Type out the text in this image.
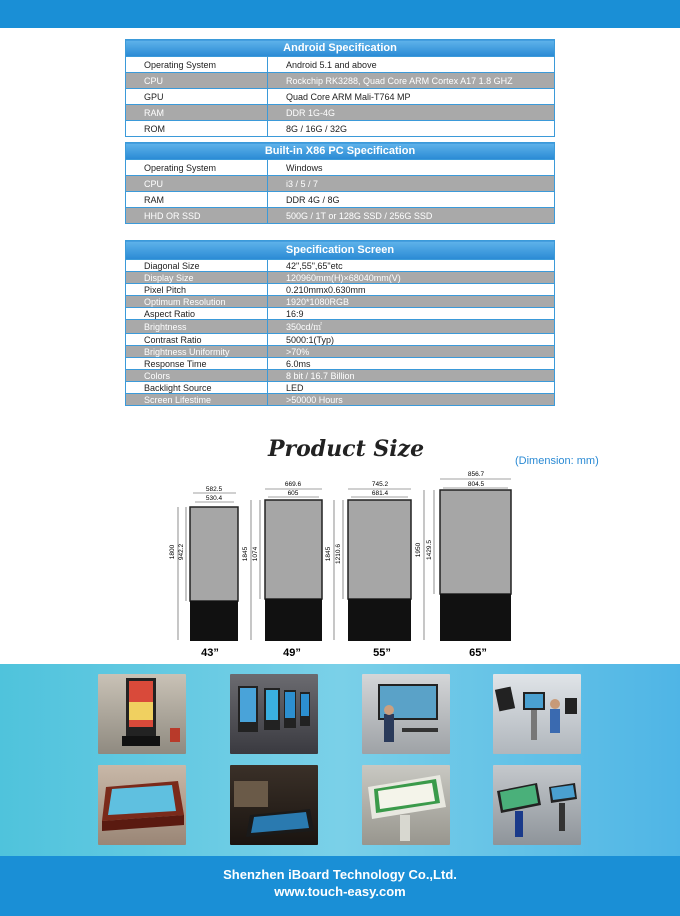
Android Specification	
Operating System	Android 5.1 and above
CPU	Rockchip RK3288, Quad Core ARM Cortex A17 1.8 GHZ
GPU	Quad Core ARM Mali-T764 MP
RAM	DDR 1G-4G
ROM	8G / 16G / 32G
Built-in X86 PC Specification	
Operating System	Windows
CPU	i3 / 5 / 7
RAM	DDR 4G / 8G
HHD OR SSD	500G / 1T or 128G SSD / 256G SSD
Specification Screen	
Diagonal Size	42",55",65"etc
Display Size	120960mm(H)×68040mm(V)
Pixel Pitch	0.210mmx0.630mm
Optimum Resolution	1920*1080RGB
Aspect Ratio	16:9
Brightness	350cd/㎡
Contrast Ratio	5000:1(Typ)
Brightness Uniformity	>70%
Response Time	6.0ms
Colors	8 bit / 16.7 Billion
Backlight Source	LED
Screen Lifestime	>50000 Hours
Product Size	(Dimension: mm)
582.5
530.4
1800 942.2
43”
669.6
605
1845 1074
49”
745.2
681.4
1845 1210.6
55”
856.7
804.5
1950 1429.5
65”
Shenzhen iBoard Technology Co.,Ltd.
www.touch-easy.com
